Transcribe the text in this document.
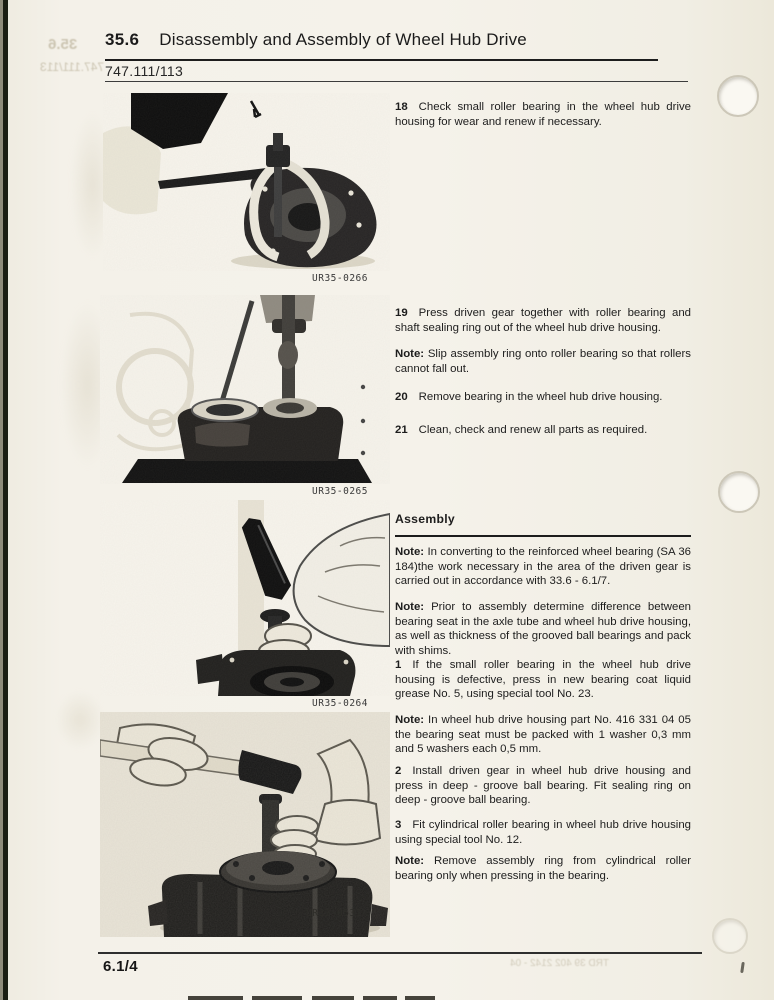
35.6
747.111/113
TRD 39 402 2142 - 04
35.6 Disassembly and Assembly of Wheel Hub Drive
747.111/113
UR35-0266
UR35-0265
UR35-0264
UR33-0531

18 Check small roller bearing in the wheel hub drive housing for wear and renew if necessary.

19 Press driven gear together with roller bearing and shaft sealing ring out of the wheel hub drive housing.

Note: Slip assembly ring onto roller bearing so that rollers cannot fall out.

20 Remove bearing in the wheel hub drive housing.

21 Clean, check and renew all parts as required.

Assembly

Note: In converting to the reinforced wheel bearing (SA 36 184)the work necessary in the area of the driven gear is carried out in accordance with 33.6 - 6.1/7.

Note: Prior to assembly determine difference between bearing seat in the axle tube and wheel hub drive housing, as well as thickness of the grooved ball bearings and pack with shims.

1 If the small roller bearing in the wheel hub drive housing is defective, press in new bearing coat liquid grease No. 5, using special tool No. 23.

Note: In wheel hub drive housing part No. 416 331 04 05 the bearing seat must be packed with 1 washer 0,3 mm and 5 washers each 0,5 mm.

2 Install driven gear in wheel hub drive housing and press in deep - groove ball bearing. Fit sealing ring on deep - groove ball bearing.

3 Fit cylindrical roller bearing in wheel hub drive housing using special tool No. 12.

Note: Remove assembly ring from cylindrical roller bearing only when pressing in the bearing.

6.1/4
